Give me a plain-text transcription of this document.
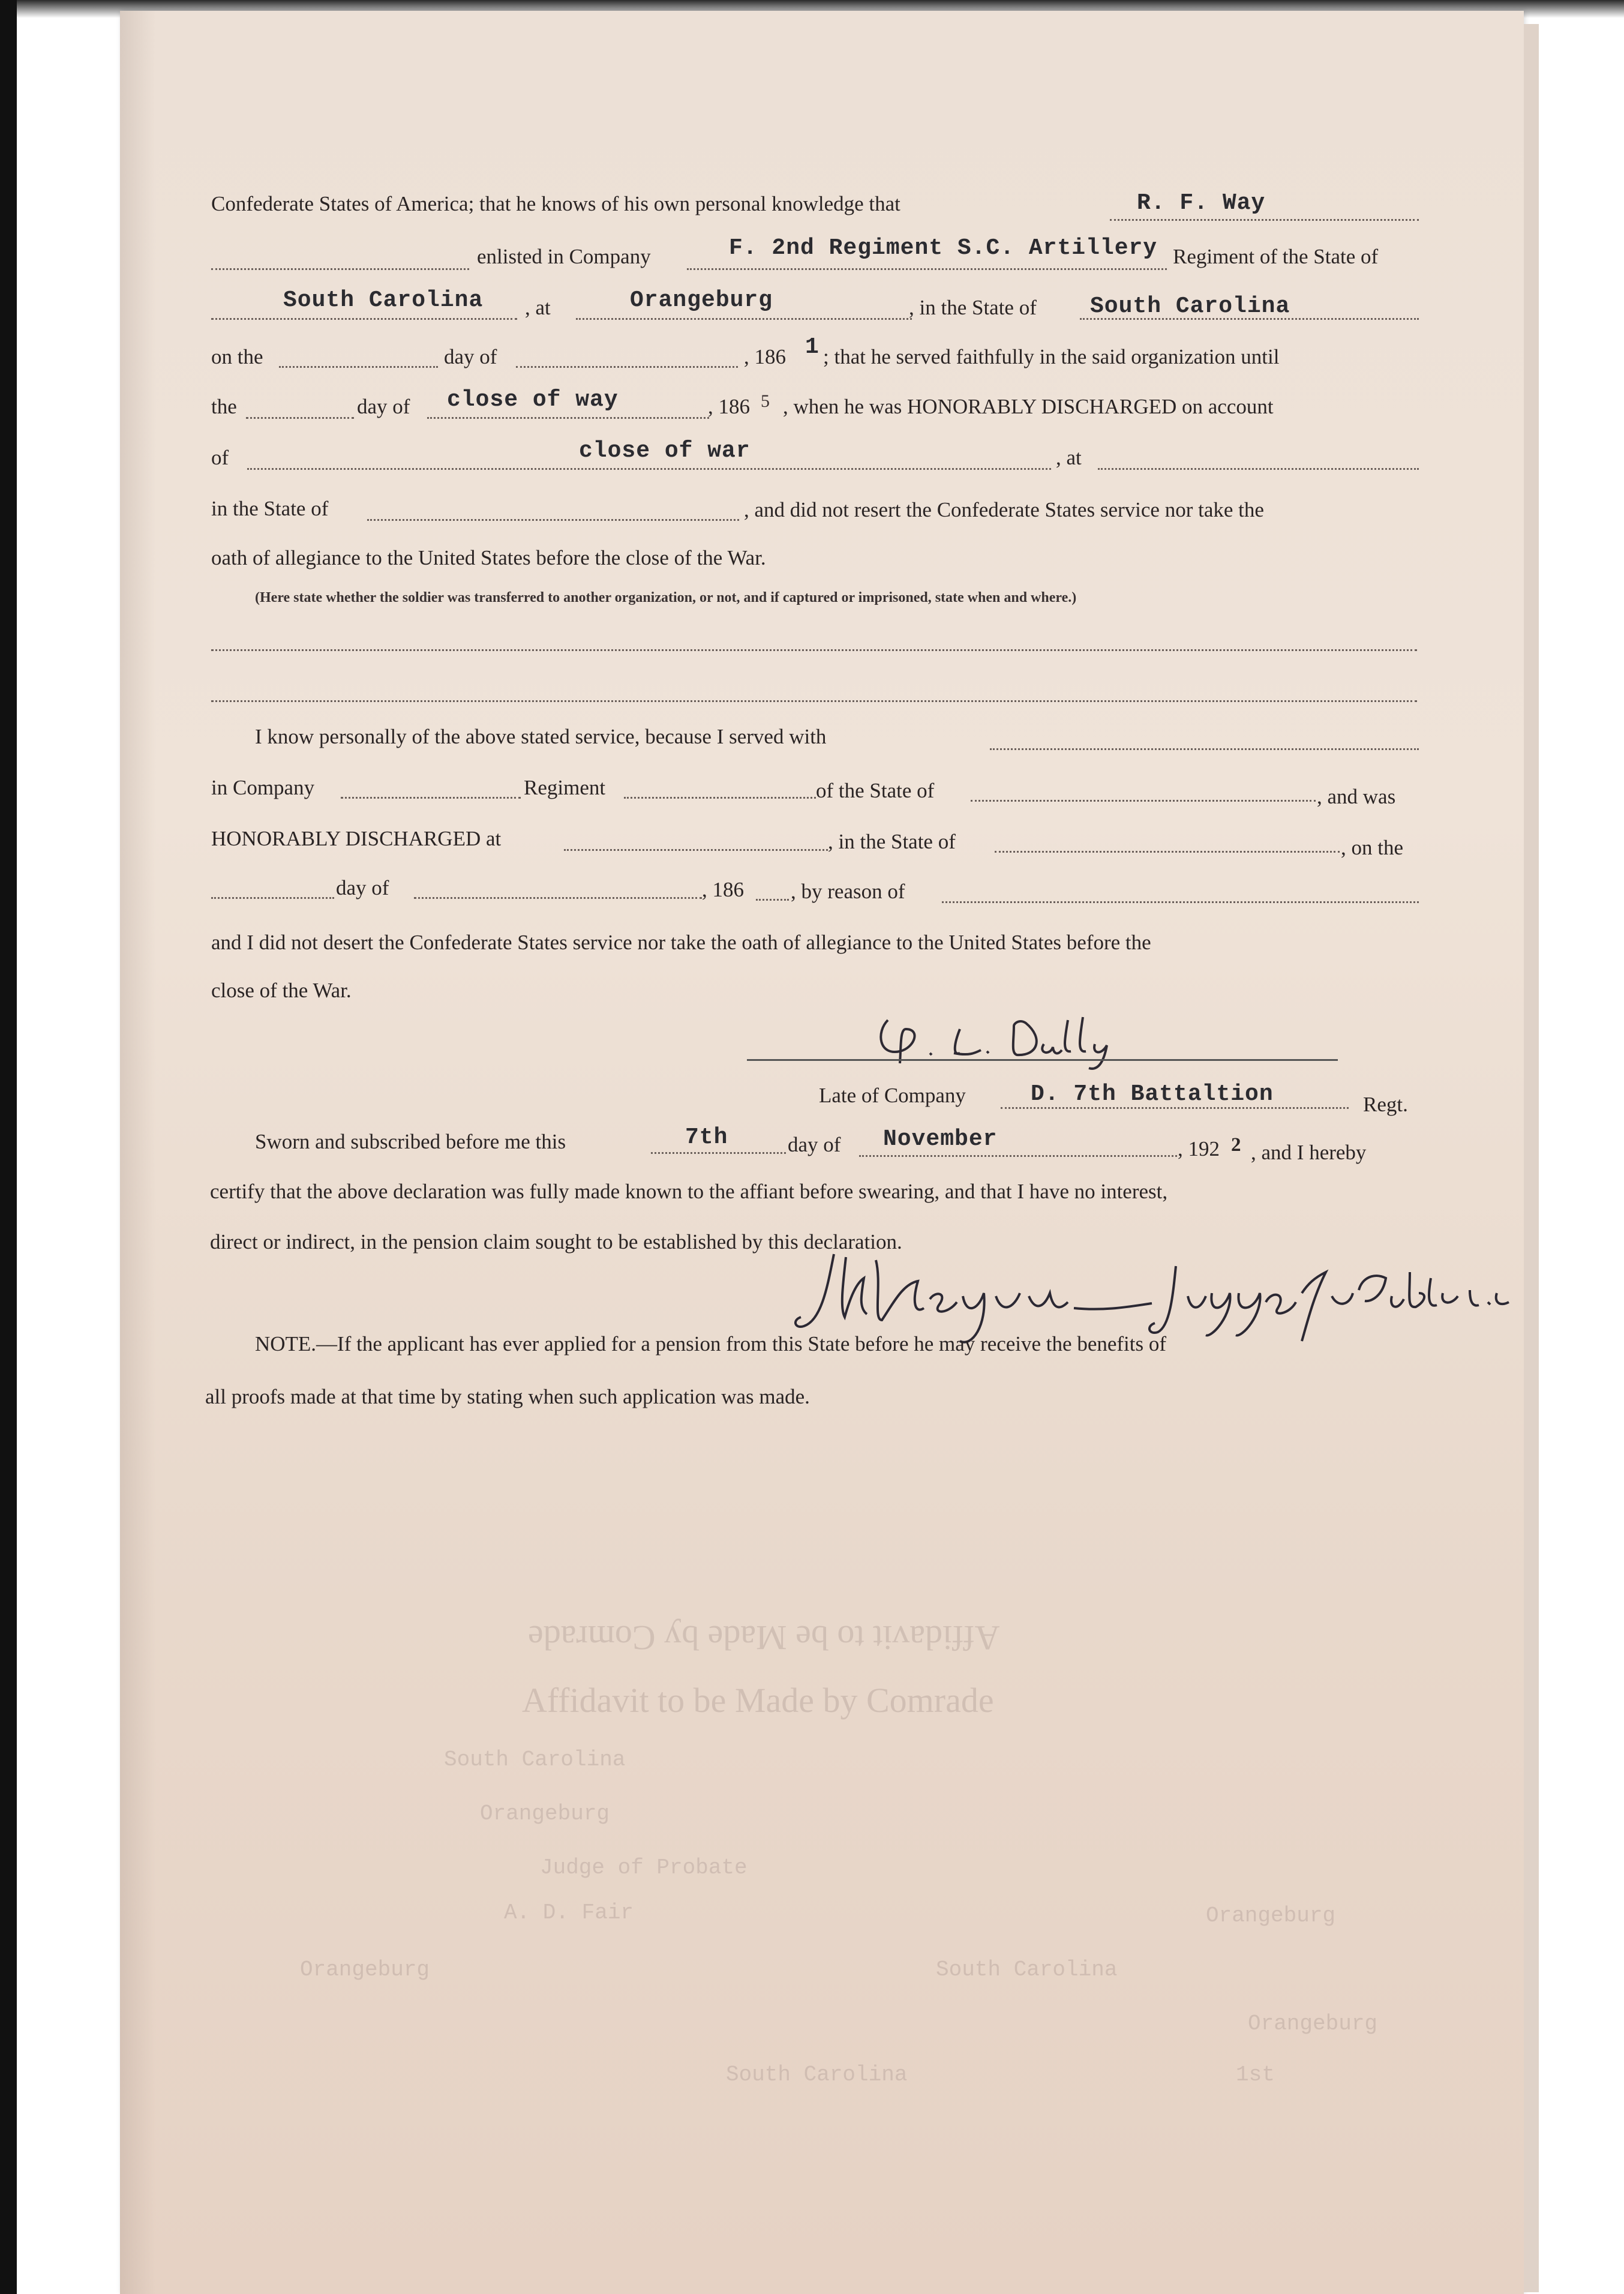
Affidavit to be Made by Comrade
Affidavit to be Made by Comrade
South Carolina
Orangeburg
Judge of Probate
A. D. Fair	Orangeburg
Orangeburg	South Carolina
Orangeburg
South Carolina	1st
Confederate States of America; that he knows of his own personal knowledge that	R. F. Way
enlisted in Company	F. 2nd Regiment S.C. Artillery Regiment of the State of
South Carolina , at	Orangeburg	, in the State of South Carolina
on the	day of	, 186 1 ; that he served faithfully in the said organization until
the	day of close of way	, 186 5 , when he was HONORABLY DISCHARGED on account
of	close of war	, at
in the State of	, and did not resert the Confederate States service nor take the
oath of allegiance to the United States before the close of the War.
(Here state whether the soldier was transferred to another organization, or not, and if captured or imprisoned, state when and where.)
I know personally of the above stated service, because I served with
in Company	Regiment	of the State of	, and was
HONORABLY DISCHARGED at	, in the State of	, on the
day of	, 186 , by reason of
and I did not desert the Confederate States service nor take the oath of allegiance to the United States before the
close of the War.
Late of Company	D. 7th Battaltion	Regt.
Sworn and subscribed before me this	7th	day of November	, 192 2 , and I hereby
certify that the above declaration was fully made known to the affiant before swearing, and that I have no interest,
direct or indirect, in the pension claim sought to be established by this declaration.
NOTE.—If the applicant has ever applied for a pension from this State before he may receive the benefits of
all proofs made at that time by stating when such application was made.
